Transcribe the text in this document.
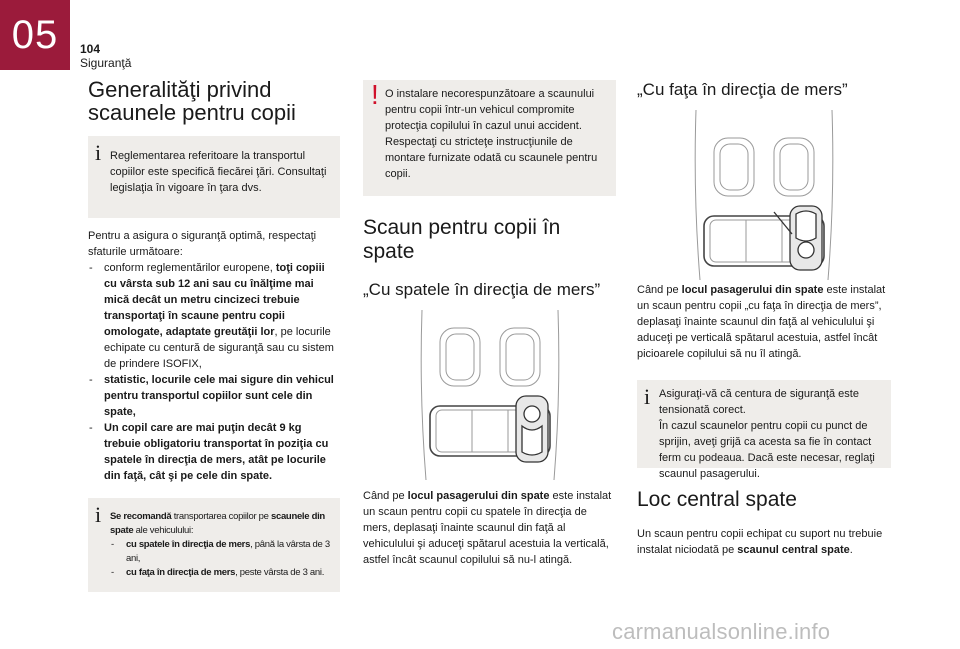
05	104
Siguranţă
Generalităţi privind
scaunele pentru copii
i Reglementarea referitoare la transportul copiilor este specifică fiecărei ţări. Consultaţi legislaţia în vigoare în ţara dvs.

Pentru a asigura o siguranţă optimă, respectaţi sfaturile următoare:

- conform reglementărilor europene, toţi copiii cu vârsta sub 12 ani sau cu înălţime mai mică decât un metru cincizeci trebuie transportaţi în scaune pentru copii omologate, adaptate greutăţii lor, pe locurile echipate cu centură de siguranţă sau cu sistem de prindere ISOFIX,
- statistic, locurile cele mai sigure din vehicul pentru transportul copiilor sunt cele din spate,
- Un copil care are mai puţin decât 9 kg trebuie obligatoriu transportat în poziţia cu spatele în direcţia de mers, atât pe locurile din faţă, cât şi pe cele din spate.
i Se recomandă transportarea copiilor pe scaunele din spate ale vehiculului:
- cu spatele în direcţia de mers, până la vârsta de 3 ani,
- cu faţa în direcţia de mers, peste vârsta de 3 ani.
! O instalare necorespunzătoare a scaunului pentru copii într-un vehicul compromite protecţia copilului în cazul unui accident. Respectaţi cu stricteţe instrucţiunile de montare furnizate odată cu scaunele pentru copii.
Scaun pentru copii în spate
„Cu spatele în direcţia de mers”

Când pe locul pasagerului din spate este instalat un scaun pentru copii cu spatele în direcţia de mers, deplasaţi înainte scaunul din faţă al vehiculului şi aduceţi spătarul acestuia la verticală, astfel încât scaunul copilului să nu-l atingă.

„Cu faţa în direcţia de mers”

Când pe locul pasagerului din spate este instalat un scaun pentru copii „cu faţa în direcţia de mers”, deplasaţi înainte scaunul din faţă al vehiculului şi aduceţi pe verticală spătarul acestuia, astfel încât picioarele copilului să nu îl atingă.

i Asiguraţi-vă că centura de siguranţă este tensionată corect.
În cazul scaunelor pentru copii cu punct de sprijin, aveţi grijă ca acesta sa fie în contact ferm cu podeaua. Dacă este necesar, reglaţi scaunul pasagerului.
Loc central spate

Un scaun pentru copii echipat cu suport nu trebuie instalat niciodată pe scaunul central spate.

carmanualsonline.info
